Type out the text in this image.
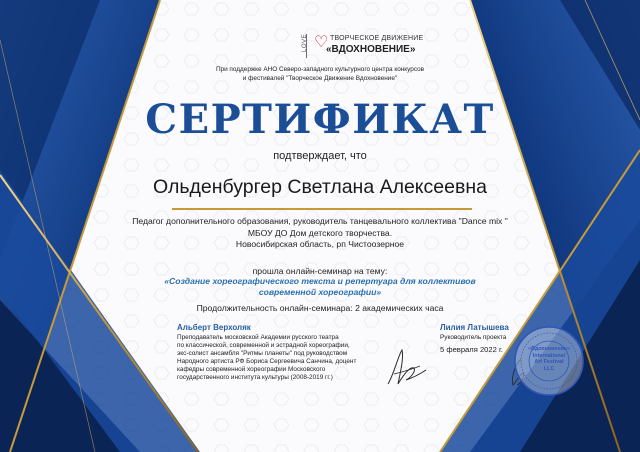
LOVE ♡ ТВОРЧЕСКОЕ ДВИЖЕНИЕ
«ВДОХНОВЕНИЕ»
При поддержке АНО Северо-западного культурного центра конкурсов
и фестивалей "Творческое Движение Вдохновение"
СЕРТИФИКАТ
подтверждает, что
Ольденбургер Светлана Алексеевна
Педагог дополнительного образования, руководитель танцевального коллектива "Dance mix "
МБОУ ДО Дом детского творчества.
Новосибирская область, рп Чистоозерное
прошла онлайн-семинар на тему:
«Создание хореографического текста и репертуара для коллективов
современной хореографии»
Продолжительность онлайн-семинара: 2 академических часа
Альберт Верхоляк
Преподаватель московской Академии русского театра
по классической, современной и эстрадной хореографии,
экс-солист ансамбля "Ритмы планеты" под руководством
Народного артиста РФ Бориса Сергеевича Санчина, доцент
кафедры современной хореографии Московского
государственного института культуры (2008-2019 гг.)
Лилия Латышева
Руководитель проекта
5 февраля 2022 г.	«Вдохновение»
International
Art Festival
LLC
